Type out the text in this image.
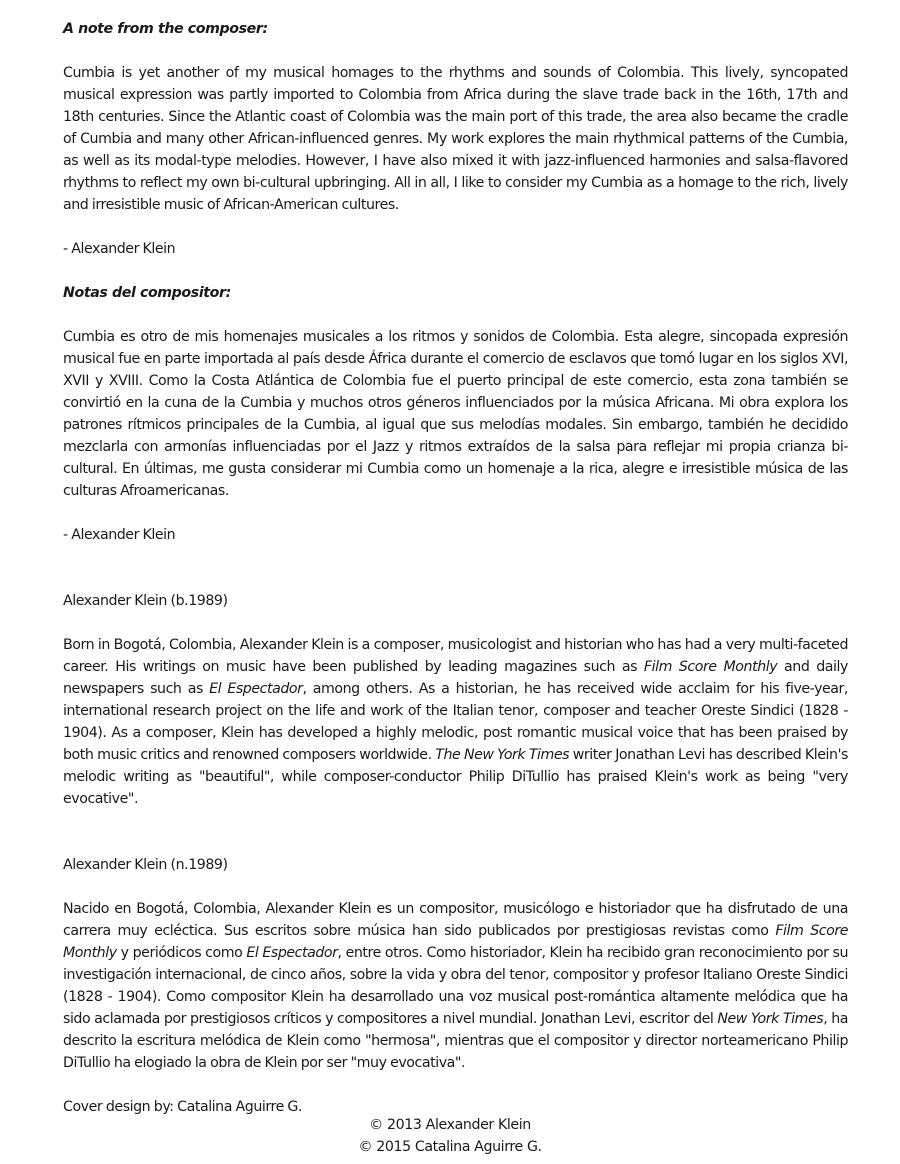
A note from the composer:

Cumbia is yet another of my musical homages to the rhythms and sounds of Colombia. This lively, syncopated musical expression was partly imported to Colombia from Africa during the slave trade back in the 16th, 17th and 18th centuries. Since the Atlantic coast of Colombia was the main port of this trade, the area also became the cradle of Cumbia and many other African-influenced genres. My work explores the main rhythmical patterns of the Cumbia, as well as its modal-type melodies. However, I have also mixed it with jazz-influenced harmonies and salsa-flavored rhythms to reflect my own bi-cultural upbringing. All in all, I like to consider my Cumbia as a homage to the rich, lively and irresistible music of African-American cultures.

- Alexander Klein

Notas del compositor:

Cumbia es otro de mis homenajes musicales a los ritmos y sonidos de Colombia. Esta alegre, sincopada expresión musical fue en parte importada al país desde África durante el comercio de esclavos que tomó lugar en los siglos XVI, XVII y XVIII. Como la Costa Atlántica de Colombia fue el puerto principal de este comercio, esta zona también se convirtió en la cuna de la Cumbia y muchos otros géneros influenciados por la música Africana. Mi obra explora los patrones rítmicos principales de la Cumbia, al igual que sus melodías modales. Sin embargo, también he decidido mezclarla con armonías influenciadas por el Jazz y ritmos extraídos de la salsa para reflejar mi propia crianza bi-cultural. En últimas, me gusta considerar mi Cumbia como un homenaje a la rica, alegre e irresistible música de las culturas Afroamericanas.

- Alexander Klein

Alexander Klein (b.1989)

Born in Bogotá, Colombia, Alexander Klein is a composer, musicologist and historian who has had a very multi-faceted career. His writings on music have been published by leading magazines such as Film Score Monthly and daily newspapers such as El Espectador, among others. As a historian, he has received wide acclaim for his five-year, international research project on the life and work of the Italian tenor, composer and teacher Oreste Sindici (1828 - 1904). As a composer, Klein has developed a highly melodic, post romantic musical voice that has been praised by both music critics and renowned composers worldwide. The New York Times writer Jonathan Levi has described Klein's melodic writing as "beautiful", while composer-conductor Philip DiTullio has praised Klein's work as being "very evocative".

Alexander Klein (n.1989)

Nacido en Bogotá, Colombia, Alexander Klein es un compositor, musicólogo e historiador que ha disfrutado de una carrera muy ecléctica. Sus escritos sobre música han sido publicados por prestigiosas revistas como Film Score Monthly y periódicos como El Espectador, entre otros. Como historiador, Klein ha recibido gran reconocimiento por su investigación internacional, de cinco años, sobre la vida y obra del tenor, compositor y profesor Italiano Oreste Sindici (1828 - 1904). Como compositor Klein ha desarrollado una voz musical post-romántica altamente melódica que ha sido aclamada por prestigiosos críticos y compositores a nivel mundial. Jonathan Levi, escritor del New York Times, ha descrito la escritura melódica de Klein como "hermosa", mientras que el compositor y director norteamericano Philip DiTullio ha elogiado la obra de Klein por ser "muy evocativa".

Cover design by: Catalina Aguirre G.

© 2013 Alexander Klein
© 2015 Catalina Aguirre G.
